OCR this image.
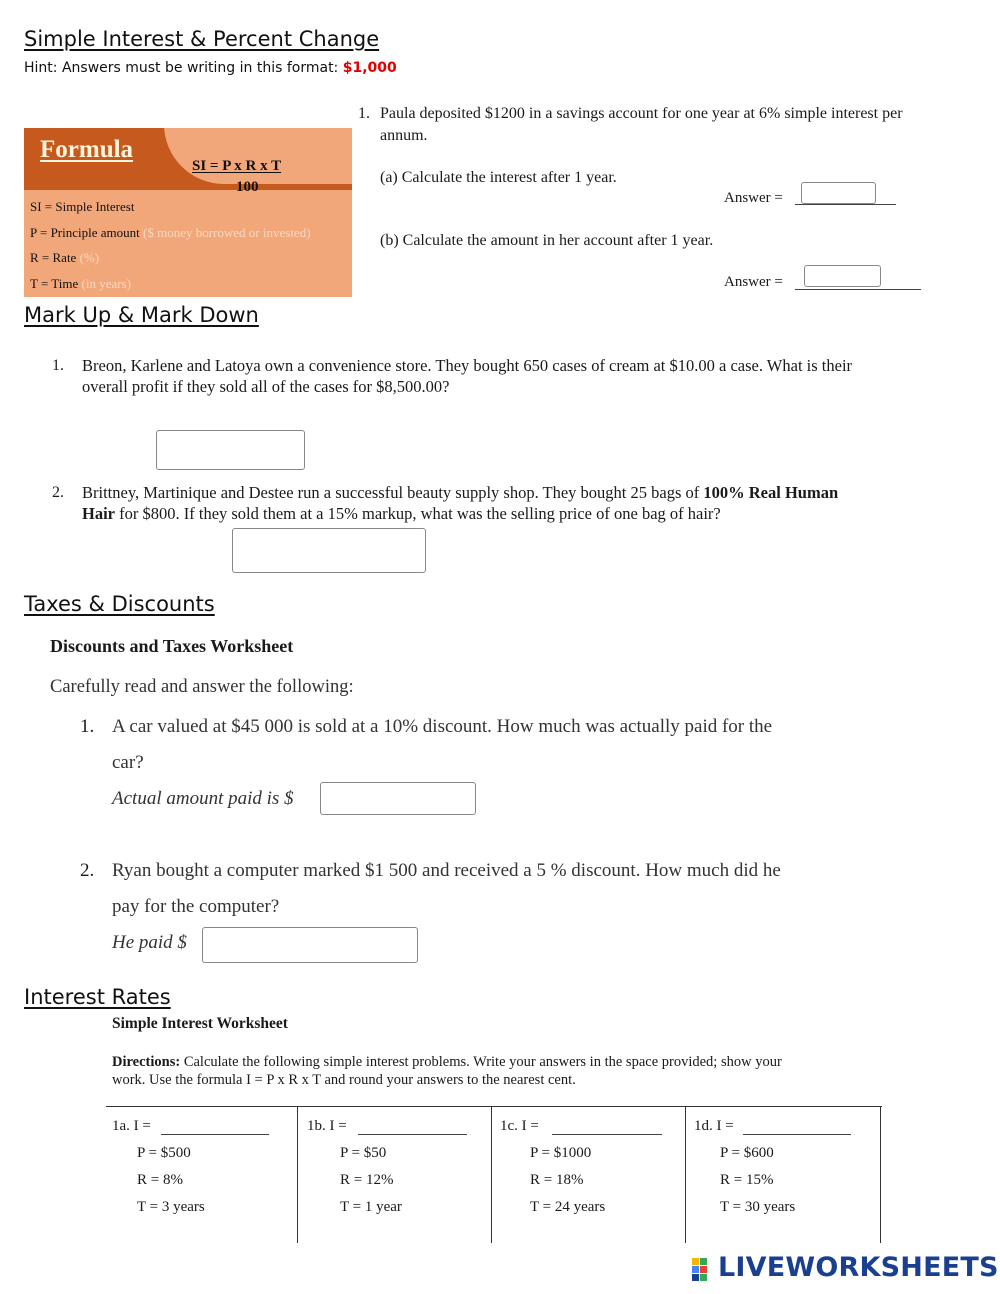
Simple Interest & Percent Change
Hint: Answers must be writing in this format: $1,000
Formula
SI = P x R x T
100
SI = Simple Interest
P = Principle amount ($ money borrowed or invested)
R = Rate (%)
T = Time (in years)
1. Paula deposited $1200 in a savings account for one year at 6% simple interest per
annum.
(a) Calculate the interest after 1 year.
Answer =
(b) Calculate the amount in her account after 1 year.
Answer =
Mark Up & Mark Down
1. Breon, Karlene and Latoya own a convenience store. They bought 650 cases of cream at $10.00 a case. What is their
overall profit if they sold all of the cases for $8,500.00?
2. Brittney, Martinique and Destee run a successful beauty supply shop. They bought 25 bags of 100% Real Human
Hair for $800. If they sold them at a 15% markup, what was the selling price of one bag of hair?
Taxes & Discounts
Discounts and Taxes Worksheet
Carefully read and answer the following:
1. A car valued at $45 000 is sold at a 10% discount. How much was actually paid for the
car?
Actual amount paid is $
2. Ryan bought a computer marked $1 500 and received a 5 % discount. How much did he
pay for the computer?
He paid $
Interest Rates
Simple Interest Worksheet
Directions: Calculate the following simple interest problems. Write your answers in the space provided; show your
work. Use the formula I = P x R x T and round your answers to the nearest cent.
1a. I =
P = $500
R = 8%
T = 3 years
1b. I =
P = $50
R = 12%
T = 1 year
1c. I =
P = $1000
R = 18%
T = 24 years
1d. I =
P = $600
R = 15%
T = 30 years
LIVEWORKSHEETS
